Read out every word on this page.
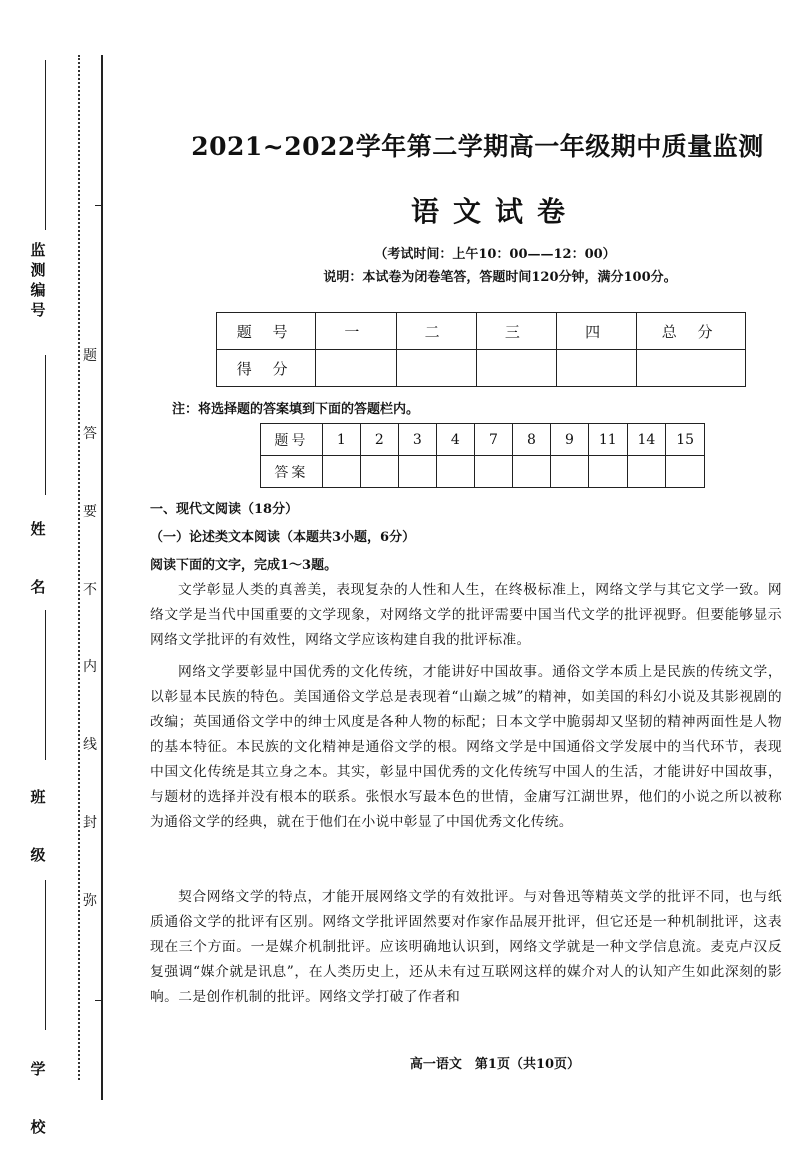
监测编号
姓名
班级
学校
题
答
要
不
内
线
封
弥
2021~2022学年第二学期高一年级期中质量监测
语文试卷
（考试时间：上午10：00——12：00）
说明：本试卷为闭卷笔答，答题时间120分钟，满分100分。
题 号	一	二	三	四	总 分
得 分					
注：将选择题的答案填到下面的答题栏内。
题号	1	2	3	4	7	8	9	11	14	15
答案										
一、现代文阅读（18分）
（一）论述类文本阅读（本题共3小题，6分）
阅读下面的文字，完成1～3题。
文学彰显人类的真善美，表现复杂的人性和人生，在终极标准上，网络文学与其它文学一致。网络文学是当代中国重要的文学现象，对网络文学的批评需要中国当代文学的批评视野。但要能够显示网络文学批评的有效性，网络文学应该构建自我的批评标准。
网络文学要彰显中国优秀的文化传统，才能讲好中国故事。通俗文学本质上是民族的传统文学，以彰显本民族的特色。美国通俗文学总是表现着“山巅之城”的精神，如美国的科幻小说及其影视剧的改编；英国通俗文学中的绅士风度是各种人物的标配；日本文学中脆弱却又坚韧的精神两面性是人物的基本特征。本民族的文化精神是通俗文学的根。网络文学是中国通俗文学发展中的当代环节，表现中国文化传统是其立身之本。其实，彰显中国优秀的文化传统写中国人的生活，才能讲好中国故事，与题材的选择并没有根本的联系。张恨水写最本色的世情，金庸写江湖世界，他们的小说之所以被称为通俗文学的经典，就在于他们在小说中彰显了中国优秀文化传统。
契合网络文学的特点，才能开展网络文学的有效批评。与对鲁迅等精英文学的批评不同，也与纸质通俗文学的批评有区别。网络文学批评固然要对作家作品展开批评，但它还是一种机制批评，这表现在三个方面。一是媒介机制批评。应该明确地认识到，网络文学就是一种文学信息流。麦克卢汉反复强调“媒介就是讯息”，在人类历史上，还从未有过互联网这样的媒介对人的认知产生如此深刻的影响。二是创作机制的批评。网络文学打破了作者和
高一语文　第1页（共10页）
